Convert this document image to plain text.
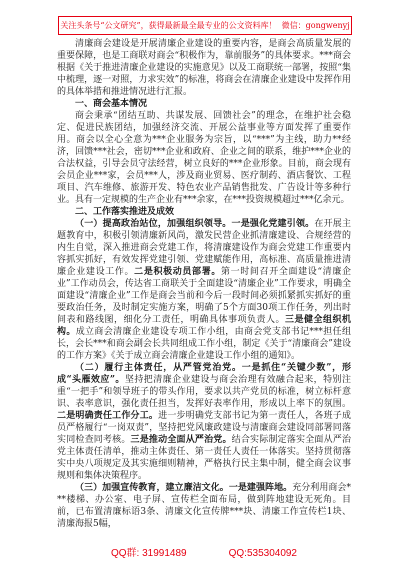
关注头条号“公文研究”，获得最新最全最专业的公文资料库！  微信：gongwenyj

清廉商会建设是开展清廉企业建设的重要内容，是商会高质量发展的重要保障，也是工商联对商会“积极作为，靠前服务”的具体要求。***商会根据《关于推进清廉企业建设的实施意见》以及工商联统一部署，按照“集中梳理，逐一对照，力求实效”的标准，将商会在清廉企业建设中发挥作用的具体举措和推进情况进行汇报。

一、商会基本情况

商会秉承“团结互助、共谋发展、回馈社会”的理念，在维护社会稳定、促进民族团结，加强经济交流、开展公益事业等方面发挥了重要作用。商会以全心全意为***企业服务为宗旨，以“***”为主线，助力**经济，回馈***社会，密切***企业和政府、企业之间的联系，维护***企业的合法权益，引导会员守法经营，树立良好的***企业形象。目前，商会现有会员企业***家，会员***人，涉及商业贸易、医疗制药、酒店餐饮、工程项目、汽车维修、旅游开发、特色农业产品销售批发、广告设计等多种行业。具有一定规模的生产企业有***余家，在***投资规模超过***亿余元。

二、工作落实推进及成效

（一）提高政治站位，加强组织领导。一是强化党建引领。在开展主题教育中，积极引领清廉新风尚，激发民营企业抓清廉建设、合规经营的内生自觉，深入推进商会党建工作，将清廉建设作为商会党建工作重要内容抓实抓好，有效发挥党建引领、党建赋能作用，高标准、高质量推进清廉企业建设工作。二是积极动员部署。第一时间召开全面建设“清廉企业”工作动员会，传达省工商联关于全面建设“清廉企业”工作要求，明确全面建设“清廉企业”工作是商会当前和今后一段时间必须抓紧抓实抓好的重要政治任务，及时制定实施方案，明确了5个方面30项工作任务，列出时间表和路线图，细化分工责任，明确具体事项负责人。三是健全组织机构。成立商会清廉企业建设专项工作小组，由商会党支部书记***担任组长，会长***和商会副会长共同组成工作小组，制定《关于“清廉商会”建设的工作方案》《关于成立商会清廉企业建设工作小组的通知》。

（二）履行主体责任，从严管党治党。一是抓住“关键少数”，形成“头雁效应”。坚持把清廉企业建设与商会治理有效融合起来，特别注重“一把手”和领导班子的带头作用，要求以共产党员的标准，树立标杆意识、表率意识，强化责任担当，发挥好表率作用，形成以上率下的氛围。二是明确责任工作分工。进一步明确党支部书记为第一责任人，各班子成员严格履行“一岗双责”，坚持把党风廉政建设与清廉商会建设同部署同落实同检查同考核。三是推动全面从严治党。结合实际制定落实全面从严治党主体责任清单，推动主体责任、第一责任人责任一体落实。坚持贯彻落实中央八项规定及其实施细则精神，严格执行民主集中制，健全商会议事规则和集体决策程序。

（三）加强宣传教育，建立廉洁文化。一是建强阵地。充分利用商会***楼梯、办公室、电子屏、宣传栏全面布局，做到阵地建设无死角。目前，已布置清廉标语3条、清廉文化宣传牌***块、清廉工作宣传栏1块、清廉海报5幅，

QQ群: 31991489	QQ:535304092
